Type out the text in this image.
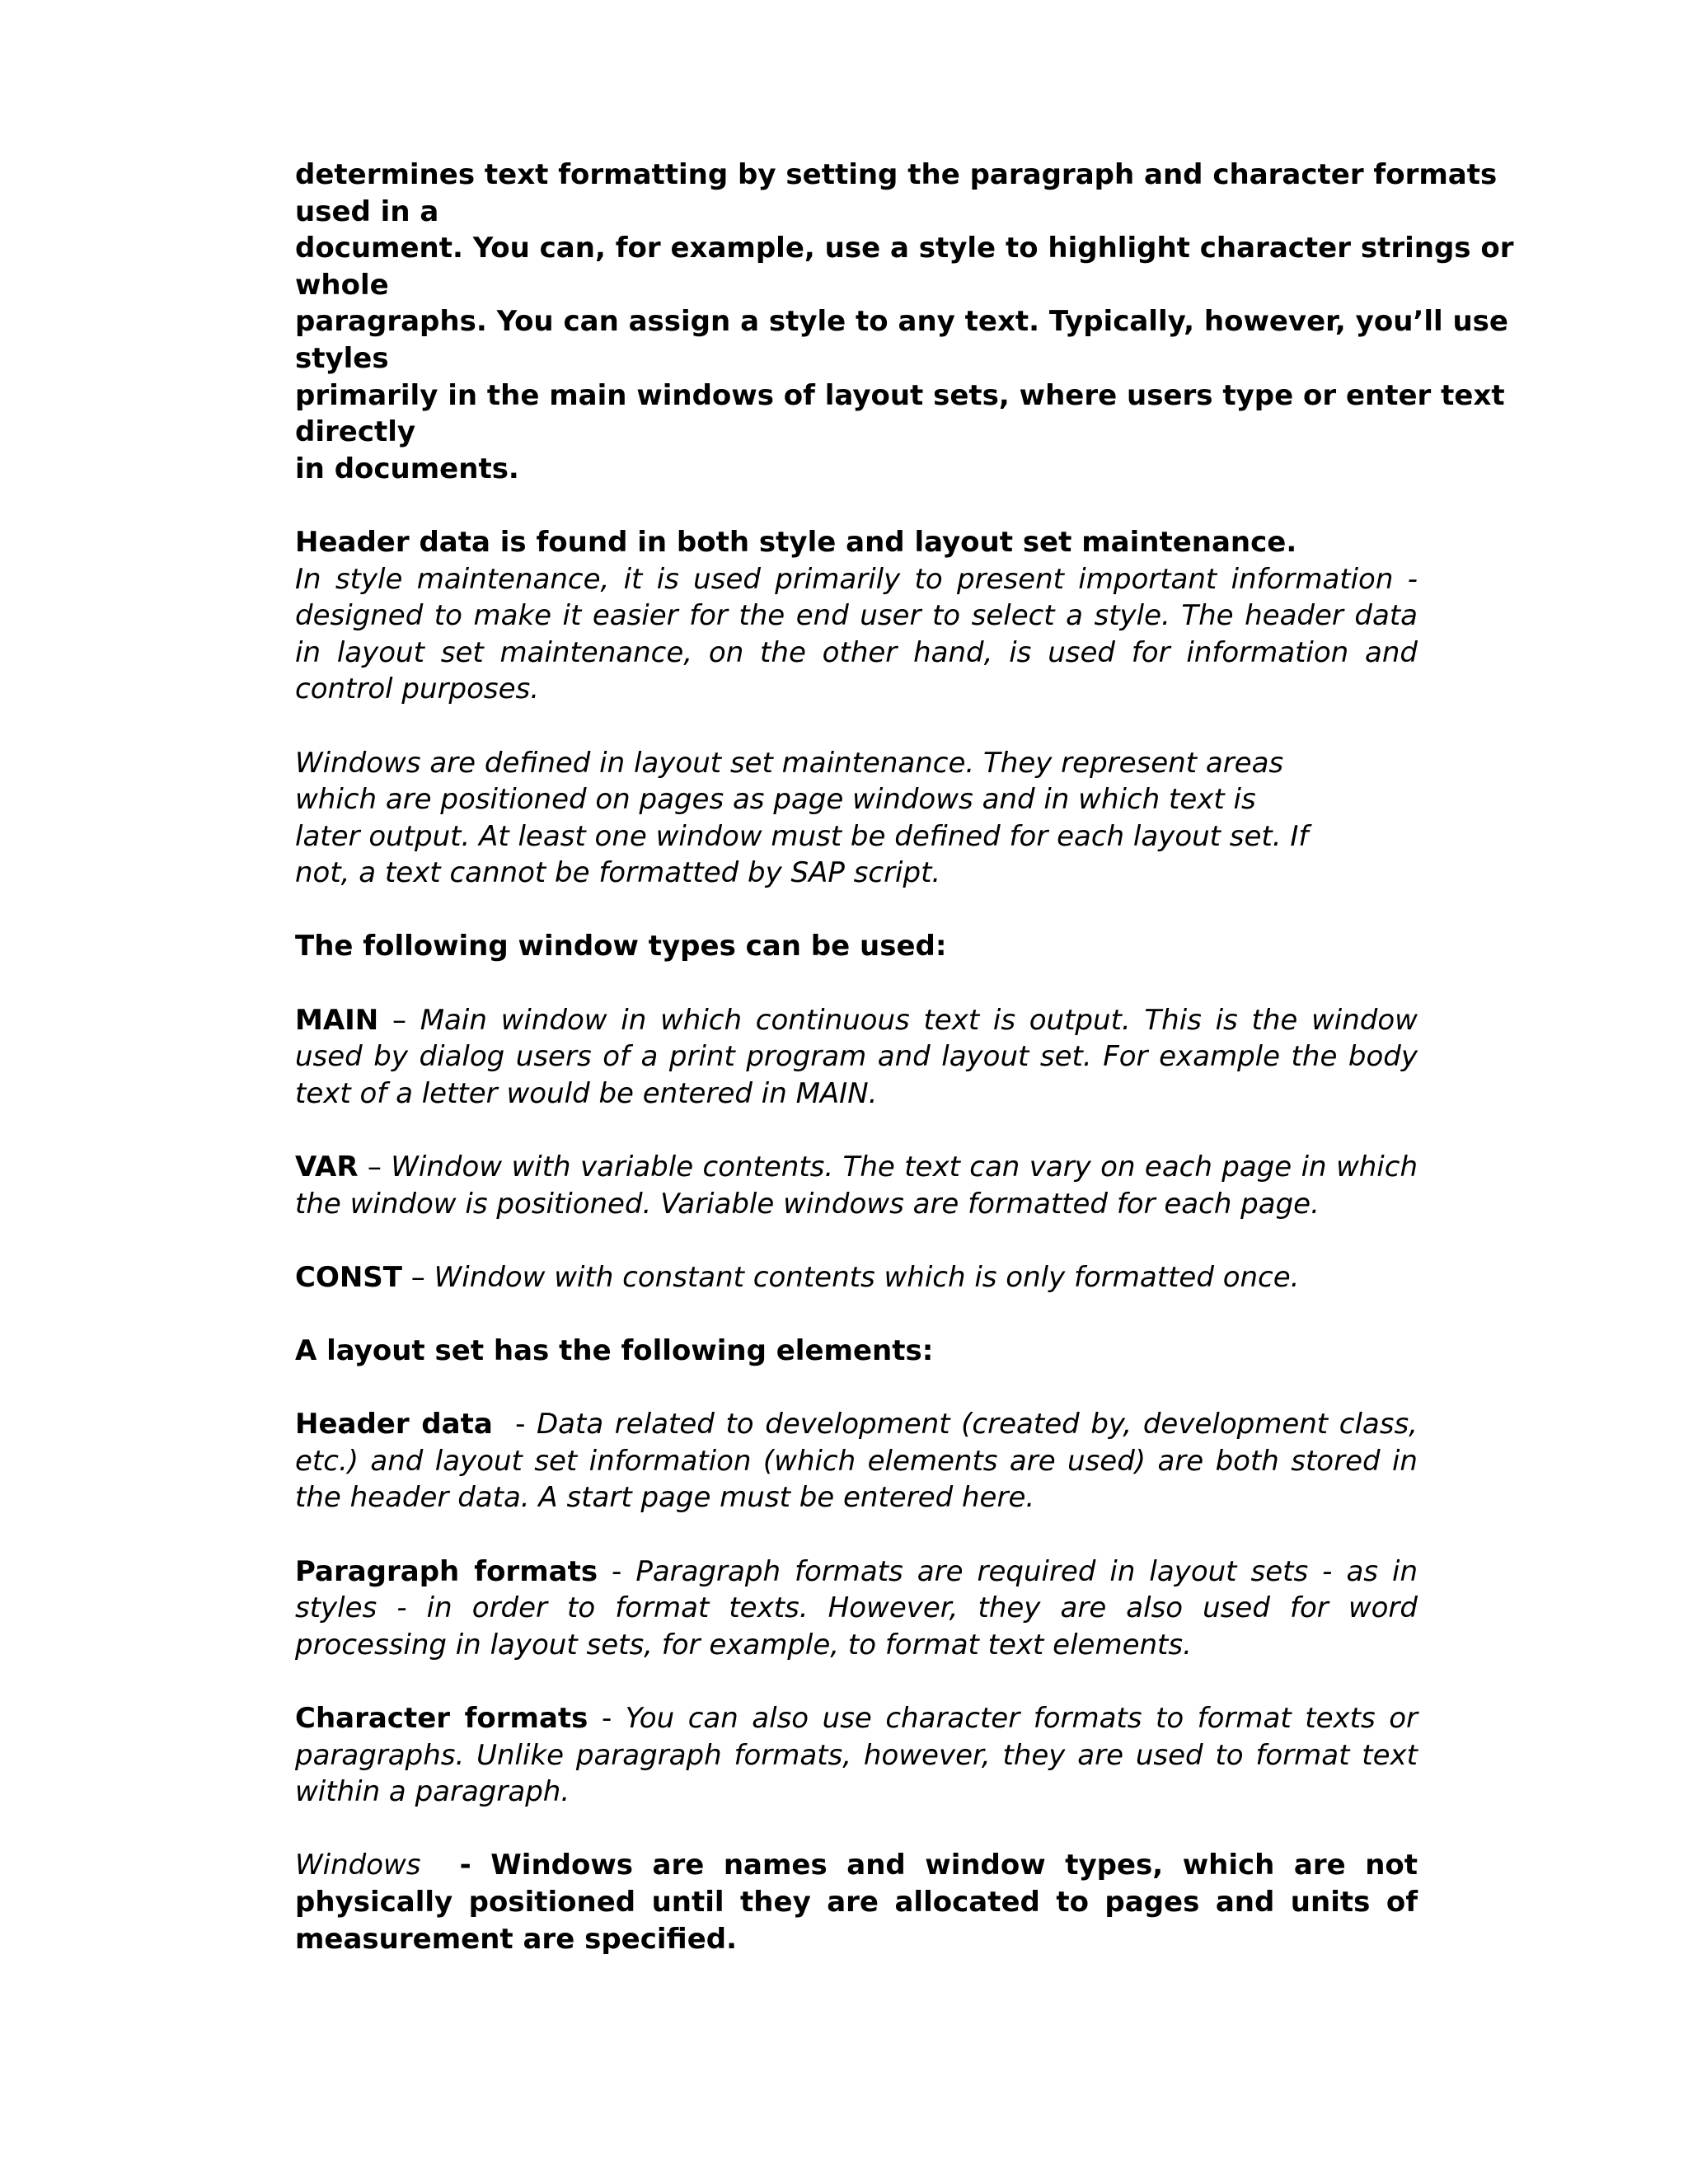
determines text formatting by setting the paragraph and character formats
used in a
document. You can, for example, use a style to highlight character strings or
whole
paragraphs. You can assign a style to any text. Typically, however, you’ll use
styles
primarily in the main windows of layout sets, where users type or enter text
directly
in documents.
Header data is found in both style and layout set maintenance.
In style maintenance, it is used primarily to present important information - designed to make it easier for the end user to select a style. The header data in layout set maintenance, on the other hand, is used for information and control purposes.
Windows are defined in layout set maintenance. They represent areas
which are positioned on pages as page windows and in which text is
later output. At least one window must be defined for each layout set. If
not, a text cannot be formatted by SAP script.
The following window types can be used:
MAIN – Main window in which continuous text is output. This is the window used by dialog users of a print program and layout set. For example the body text of a letter would be entered in MAIN.
VAR – Window with variable contents. The text can vary on each page in which the window is positioned. Variable windows are formatted for each page.
CONST – Window with constant contents which is only formatted once.
A layout set has the following elements:
Header data  - Data related to development (created by, development class, etc.) and layout set information (which elements are used) are both stored in the header data. A start page must be entered here.
Paragraph formats - Paragraph formats are required in layout sets - as in styles - in order to format texts. However, they are also used for word processing in layout sets, for example, to format text elements.
Character formats - You can also use character formats to format texts or paragraphs. Unlike paragraph formats, however, they are used to format text within a paragraph.
Windows  - Windows are names and window types, which are not physically positioned until they are allocated to pages and units of measurement are specified.
